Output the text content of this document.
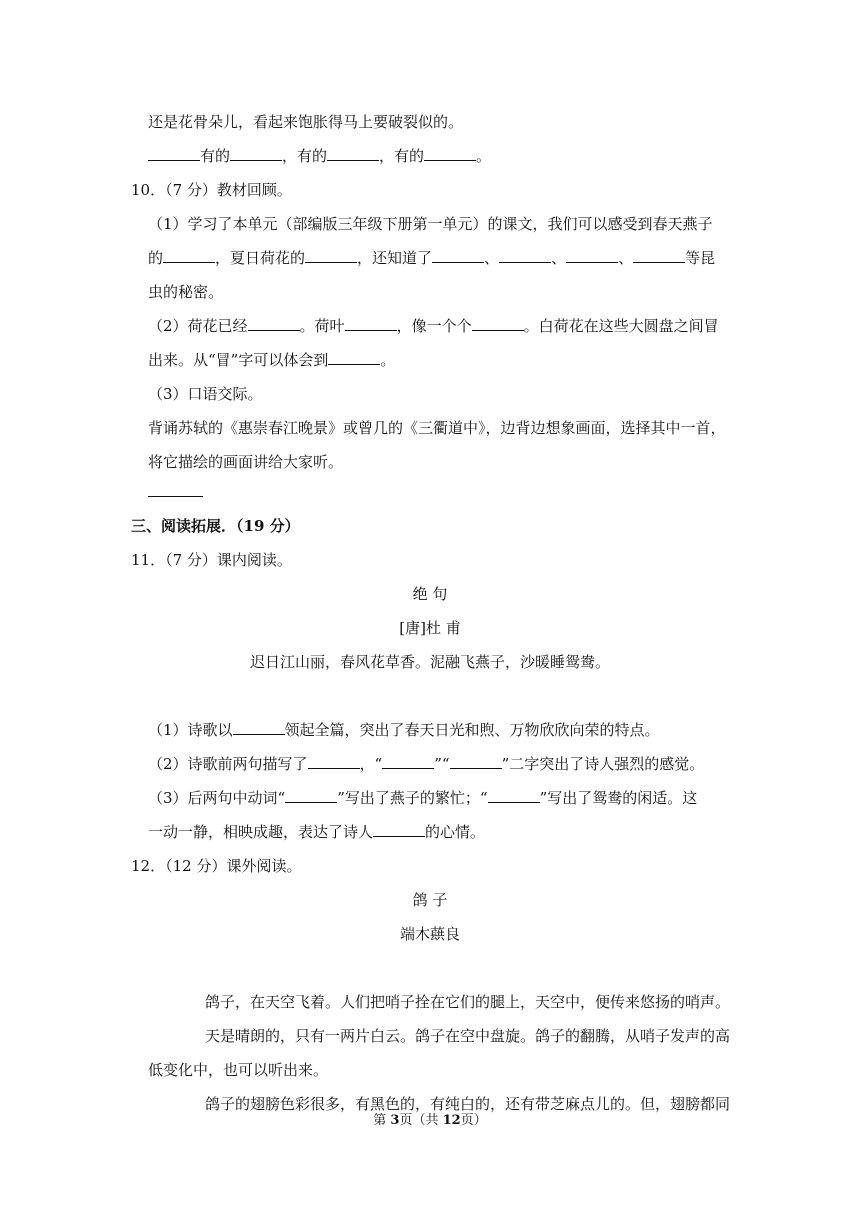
还是花骨朵儿，看起来饱胀得马上要破裂似的。
有的	，有的	，有的	。
10．（7 分）教材回顾。
（1）学习了本单元（部编版三年级下册第一单元）的课文，我们可以感受到春天燕子
的	，夏日荷花的	，还知道了	、	、	、	等昆
虫的秘密。
（2）荷花已经	。荷叶	，像一个个	。白荷花在这些大圆盘之间冒
出来。从“冒”字可以体会到	。
（3）口语交际。
背诵苏轼的《惠崇春江晚景》或曾几的《三衢道中》，边背边想象画面，选择其中一首，
将它描绘的画面讲给大家听。
三、阅读拓展．（19 分）
11．（7 分）课内阅读。
绝 句
[唐]杜 甫
迟日江山丽，春风花草香。泥融飞燕子，沙暖睡鸳鸯。
（1）诗歌以	领起全篇，突出了春天日光和煦、万物欣欣向荣的特点。
（2）诗歌前两句描写了	，“	”“	”二字突出了诗人强烈的感觉。
（3）后两句中动词“	”写出了燕子的繁忙；“	”写出了鸳鸯的闲适。这
一动一静，相映成趣，表达了诗人	的心情。
12．（12 分）课外阅读。
鸽 子
端木蕻良
鸽子，在天空飞着。人们把哨子拴在它们的腿上，天空中，便传来悠扬的哨声。
天是晴朗的，只有一两片白云。鸽子在空中盘旋。鸽子的翻腾，从哨子发声的高
低变化中，也可以听出来。
鸽子的翅膀色彩很多，有黑色的，有纯白的，还有带芝麻点儿的。但，翅膀都同
第 3页（共 12页）
